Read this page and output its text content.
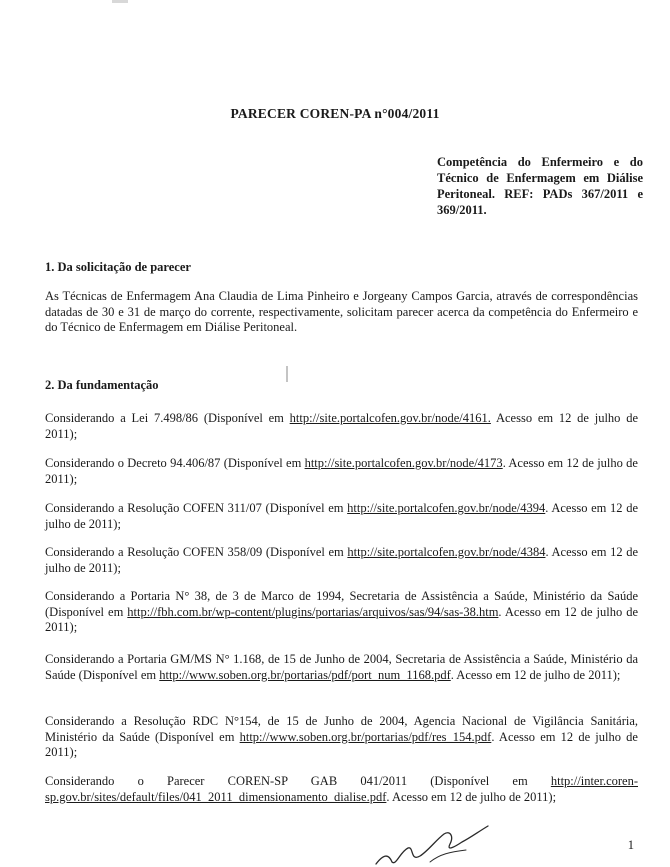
PARECER COREN-PA n°004/2011
Competência do Enfermeiro e do Técnico de Enfermagem em Diálise Peritoneal. REF: PADs 367/2011 e 369/2011.
1. Da solicitação de parecer
As Técnicas de Enfermagem Ana Claudia de Lima Pinheiro e Jorgeany Campos Garcia, através de correspondências datadas de 30 e 31 de março do corrente, respectivamente, solicitam parecer acerca da competência do Enfermeiro e do Técnico de Enfermagem em Diálise Peritoneal.
2. Da fundamentação
Considerando a Lei 7.498/86 (Disponível em http://site.portalcofen.gov.br/node/4161. Acesso em 12 de julho de 2011);
Considerando o Decreto 94.406/87 (Disponível em http://site.portalcofen.gov.br/node/4173. Acesso em 12 de julho de 2011);
Considerando a Resolução COFEN 311/07 (Disponível em http://site.portalcofen.gov.br/node/4394. Acesso em 12 de julho de 2011);
Considerando a Resolução COFEN 358/09 (Disponível em http://site.portalcofen.gov.br/node/4384. Acesso em 12 de julho de 2011);
Considerando a Portaria N° 38, de 3 de Marco de 1994, Secretaria de Assistência a Saúde, Ministério da Saúde (Disponível em http://fbh.com.br/wp-content/plugins/portarias/arquivos/sas/94/sas-38.htm. Acesso em 12 de julho de 2011);
Considerando a Portaria GM/MS N° 1.168, de 15 de Junho de 2004, Secretaria de Assistência a Saúde, Ministério da Saúde (Disponível em http://www.soben.org.br/portarias/pdf/port_num_1168.pdf. Acesso em 12 de julho de 2011);
Considerando a Resolução RDC N°154, de 15 de Junho de 2004, Agencia Nacional de Vigilância Sanitária, Ministério da Saúde (Disponível em http://www.soben.org.br/portarias/pdf/res_154.pdf. Acesso em 12 de julho de 2011);
Considerando o Parecer COREN-SP GAB 041/2011 (Disponível em http://inter.coren-sp.gov.br/sites/default/files/041_2011_dimensionamento_dialise.pdf. Acesso em 12 de julho de 2011);
1
